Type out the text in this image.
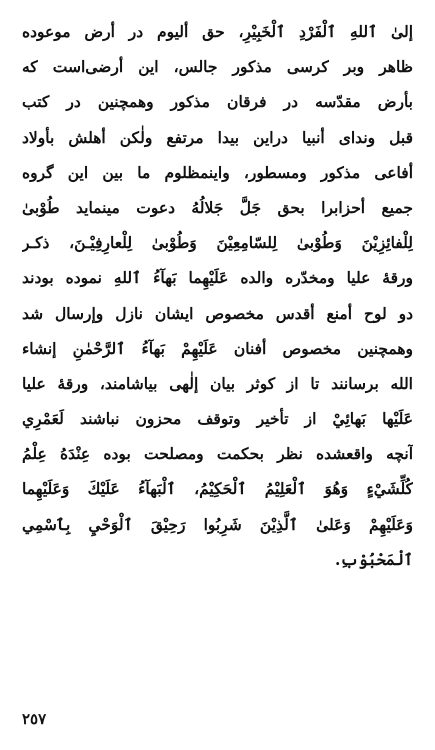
إلىٰ ٱللهِ ٱلْفَرْدِ ٱلْخَبِيْرِ، حق أليوم در أرض موعوده
ظاهر وبر كرسى مذكور جالس، اين أرضى‌است كه
بأرض مقدّسه در فرقان مذكور وهمچنين در كتب
قبل ونداى أنبيا دراين بيدا مرتفع ولٰكن أهلش بأولاد
أفاعى مذكور ومسطور، واينمظلوم ما بين اين گروه
جميع أحزابرا بحق جَلَّ جَلالُهُ دعوت مينمايد طُوْبىٰ
لِلْفائِزِيْنَ وَطُوْبىٰ لِلسّامِعِيْنَ وَطُوْبىٰ لِلْعارِفِيْـنَ، ذكـر
ورقهٔ عليا ومخدّره والده عَلَيْهِما بَهآءُ ٱللهِ نموده بودند
دو لوح أمنع أقدس مخصوص ايشان نازل وإرسال شد
وهمچنين مخصوص أفنان عَلَيْهِمْ بَهآءُ ٱلرَّحْمٰنِ إنشاء
الله برسانند تا از كوثر بيان إلٰهى بياشامند، ورقهٔ عليا
عَلَيْها بَهائِيْ از تأخير وتوقف محزون نباشند لَعَمْرِي
آنچه واقعشده نظر بحكمت ومصلحت بوده عِنْدَهُ عِلْمُ
كُلِّشَيْءٍ وَهُوَ ٱلْعَلِيْمُ ٱلْحَكِيْمُ، ٱلْبَهآءُ عَلَيْكَ وَعَلَيْهِما
وَعَلَيْهِمْ وَعَلىٰ ٱلَّذِيْنَ شَرِبُوا رَحِيْقَ ٱلْوَحْيِ بِٱسْمِي
ٱلْمَحْبُوْبِ.
٢٥٧
